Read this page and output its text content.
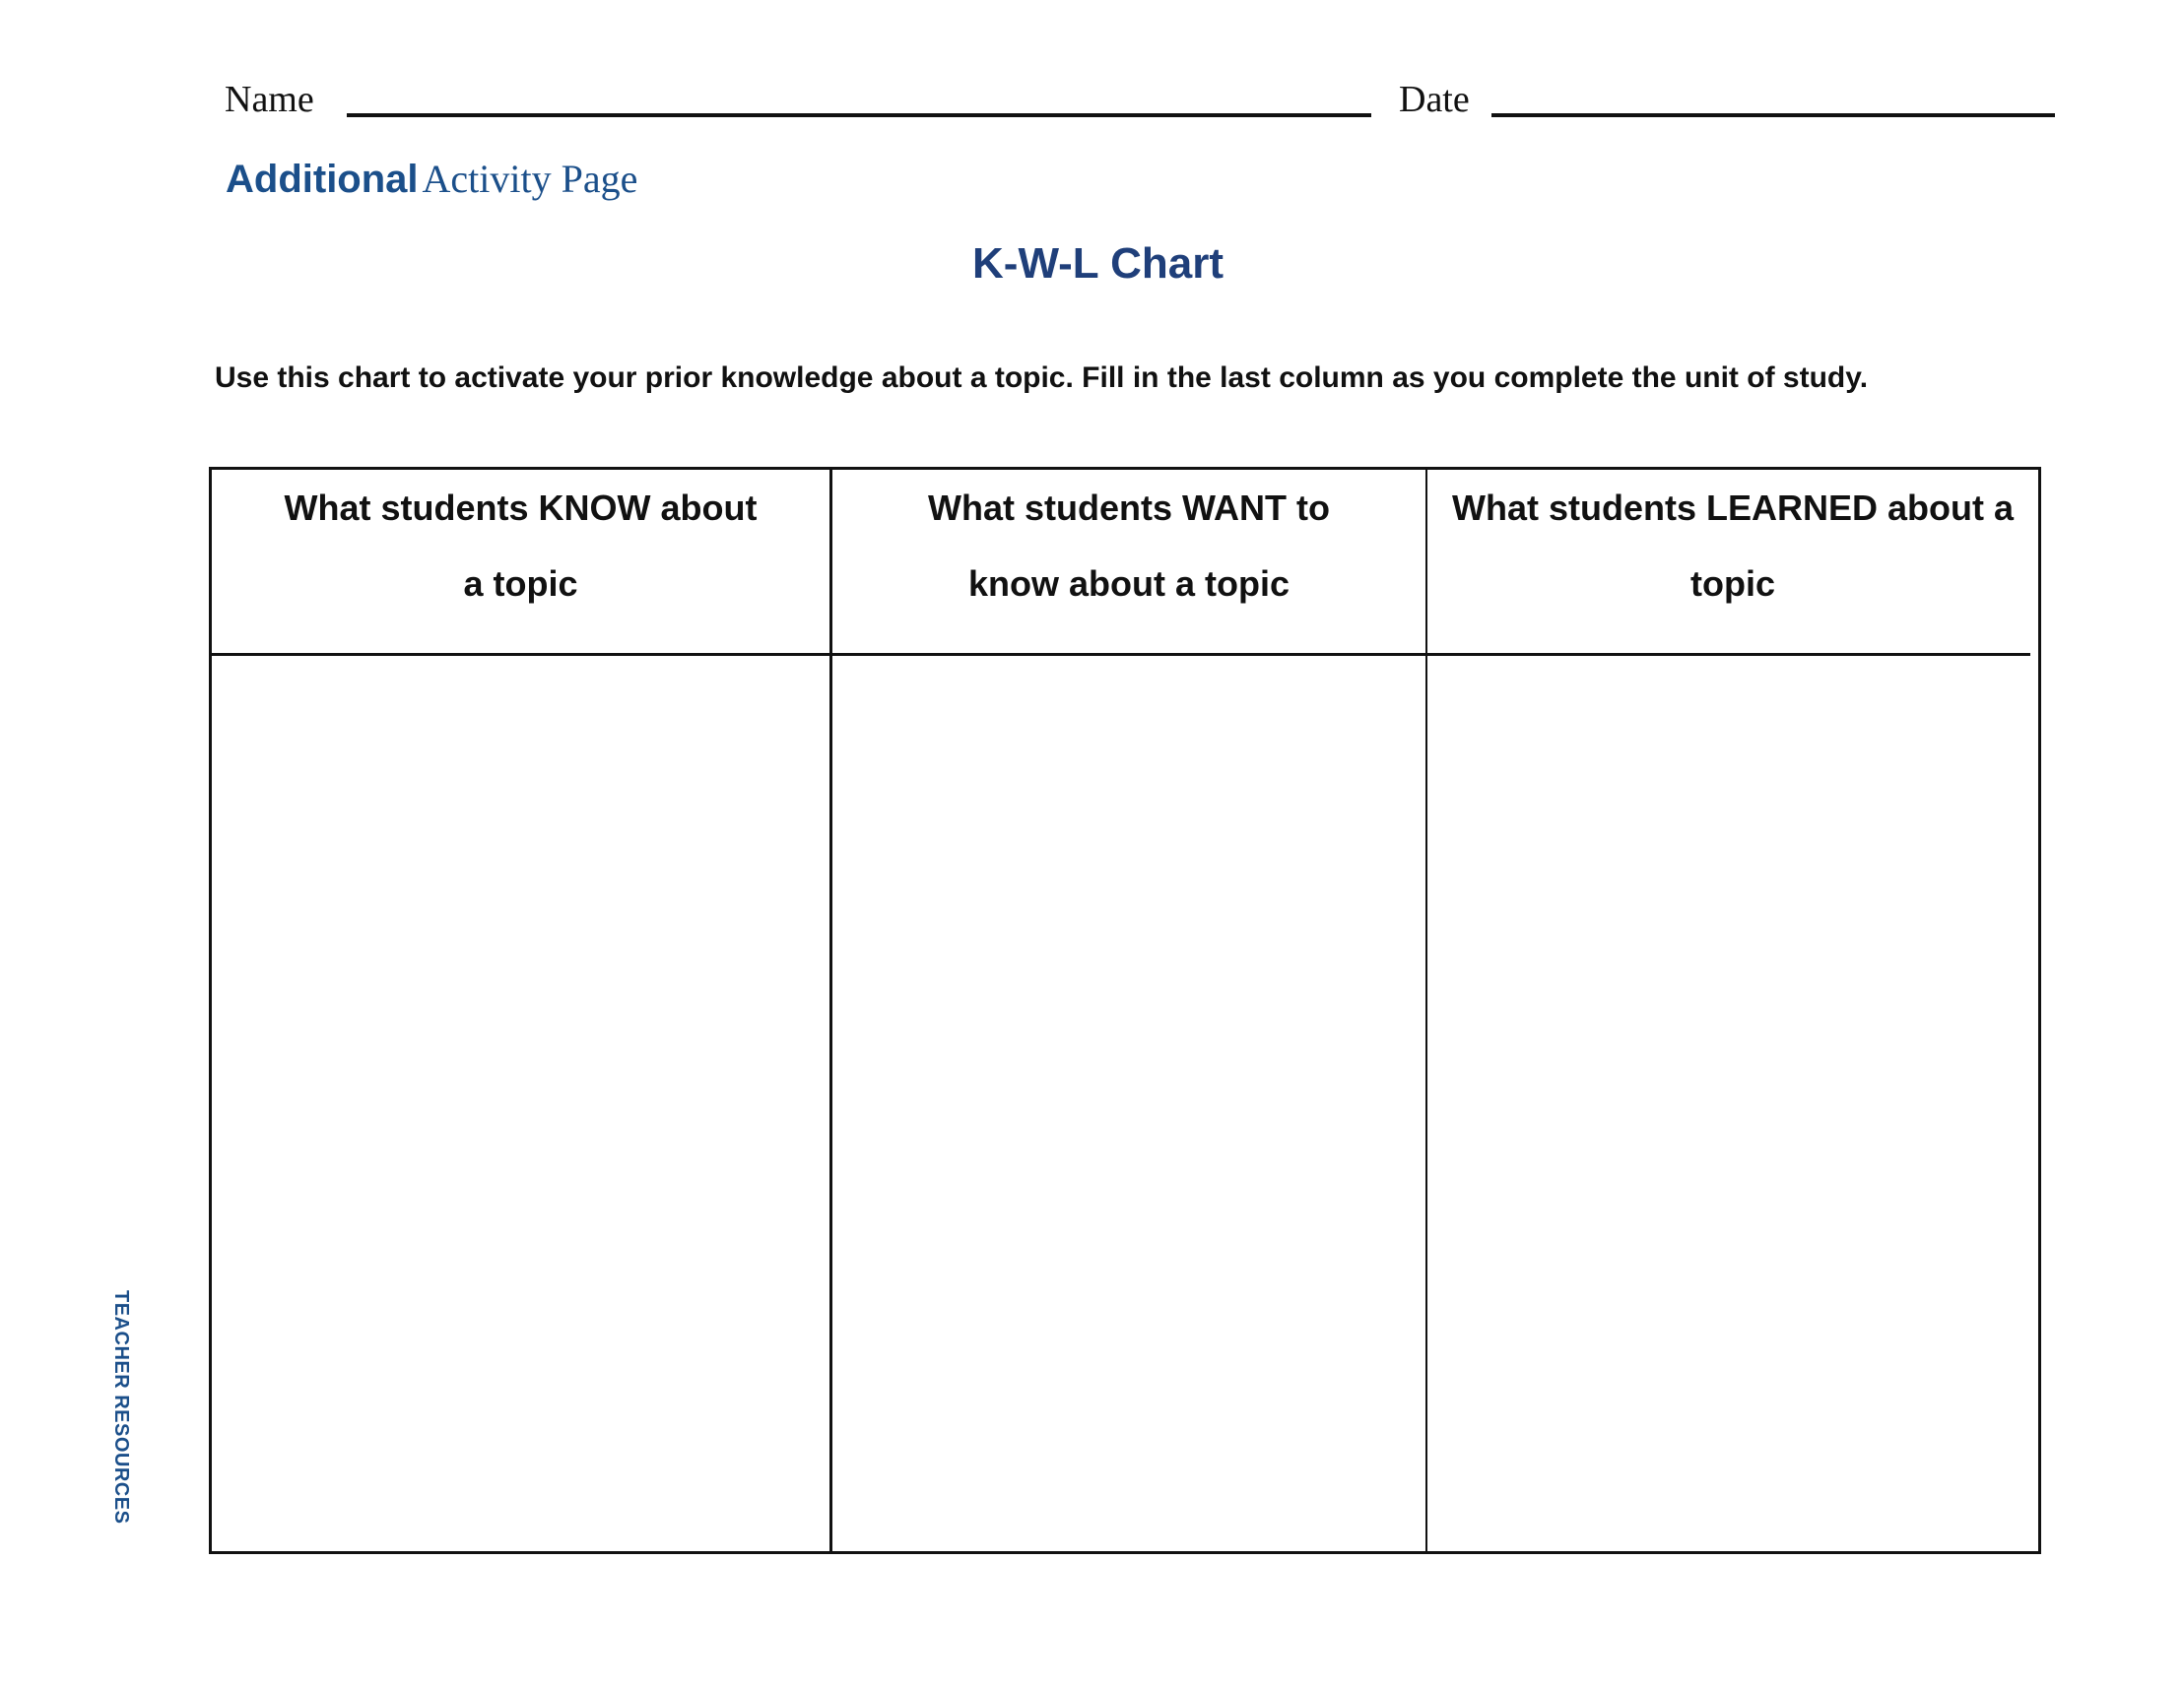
Name	Date
Additional Activity Page
K-W-L Chart
Use this chart to activate your prior knowledge about a topic. Fill in the last column as you complete the unit of study.
What students KNOW about
a topic
What students WANT to
know about a topic
What students LEARNED about a
topic
TEACHER RESOURCES
